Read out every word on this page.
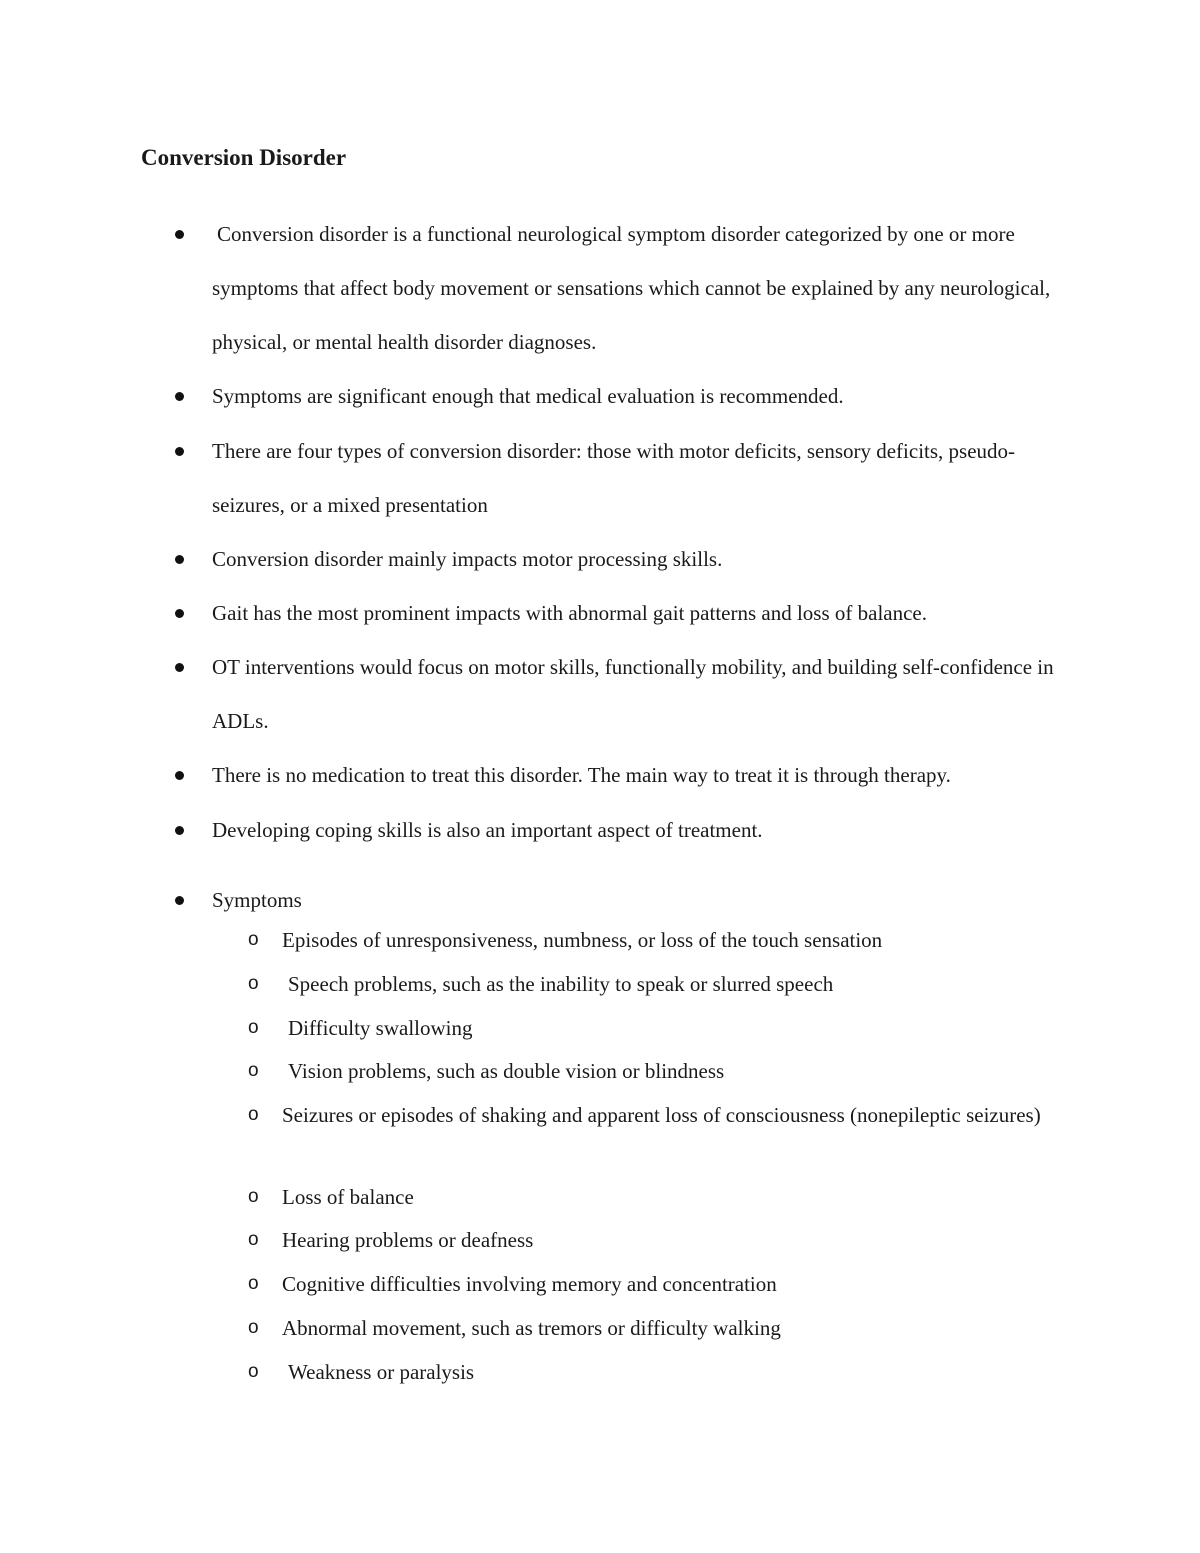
Conversion Disorder
Conversion disorder is a functional neurological symptom disorder categorized by one or more symptoms that affect body movement or sensations which cannot be explained by any neurological, physical, or mental health disorder diagnoses.
Symptoms are significant enough that medical evaluation is recommended.
There are four types of conversion disorder: those with motor deficits, sensory deficits, pseudo-seizures, or a mixed presentation
Conversion disorder mainly impacts motor processing skills.
Gait has the most prominent impacts with abnormal gait patterns and loss of balance.
OT interventions would focus on motor skills, functionally mobility, and building self-confidence in ADLs.
There is no medication to treat this disorder. The main way to treat it is through therapy.
Developing coping skills is also an important aspect of treatment.
Symptoms
o Episodes of unresponsiveness, numbness, or loss of the touch sensation
o Speech problems, such as the inability to speak or slurred speech
o Difficulty swallowing
o Vision problems, such as double vision or blindness
o Seizures or episodes of shaking and apparent loss of consciousness (nonepileptic seizures)
o Loss of balance
o Hearing problems or deafness
o Cognitive difficulties involving memory and concentration
o Abnormal movement, such as tremors or difficulty walking
o Weakness or paralysis
